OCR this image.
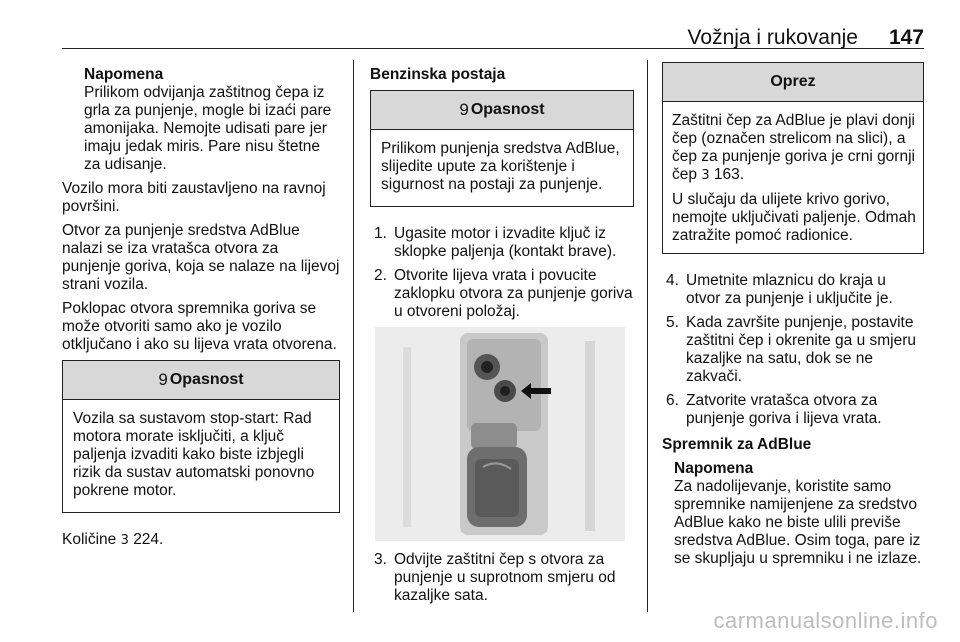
Vožnja i rukovanje 147
Napomena

Prilikom odvijanja zaštitnog čepa iz grla za punjenje, mogle bi izaći pare amonijaka. Nemojte udisati pare jer imaju jedak miris. Pare nisu štetne za udisanje.

Vozilo mora biti zaustavljeno na ravnoj površini.

Otvor za punjenje sredstva AdBlue nalazi se iza vratašca otvora za punjenje goriva, koja se nalaze na lijevoj strani vozila.

Poklopac otvora spremnika goriva se može otvoriti samo ako je vozilo otključano i ako su lijeva vrata otvorena.

9 Opasnost

Vozila sa sustavom stop-start: Rad motora morate isključiti, a ključ paljenja izvaditi kako biste izbjegli rizik da sustav automatski ponovno pokrene motor.

Količine 3 224.

Benzinska postaja
9 Opasnost

Prilikom punjenja sredstva AdBlue, slijedite upute za korištenje i sigurnost na postaji za punjenje.

1. Ugasite motor i izvadite ključ iz sklopke paljenja (kontakt brave).
2. Otvorite lijeva vrata i povucite zaklopku otvora za punjenje goriva u otvoreni položaj.
3. Odvijte zaštitni čep s otvora za punjenje u suprotnom smjeru od kazaljke sata.
Oprez

Zaštitni čep za AdBlue je plavi donji čep (označen strelicom na slici), a čep za punjenje goriva je crni gornji čep 3 163.

U slučaju da ulijete krivo gorivo, nemojte uključivati paljenje. Odmah zatražite pomoć radionice.

4. Umetnite mlaznicu do kraja u otvor za punjenje i uključite je.
5. Kada završite punjenje, postavite zaštitni čep i okrenite ga u smjeru kazaljke na satu, dok se ne zakvači.
6. Zatvorite vratašca otvora za punjenje goriva i lijeva vrata.
Spremnik za AdBlue
Napomena

Za nadolijevanje, koristite samo spremnike namijenjene za sredstvo AdBlue kako ne biste ulili previše sredstva AdBlue. Osim toga, pare iz se skupljaju u spremniku i ne izlaze.

carmanualsonline.info
